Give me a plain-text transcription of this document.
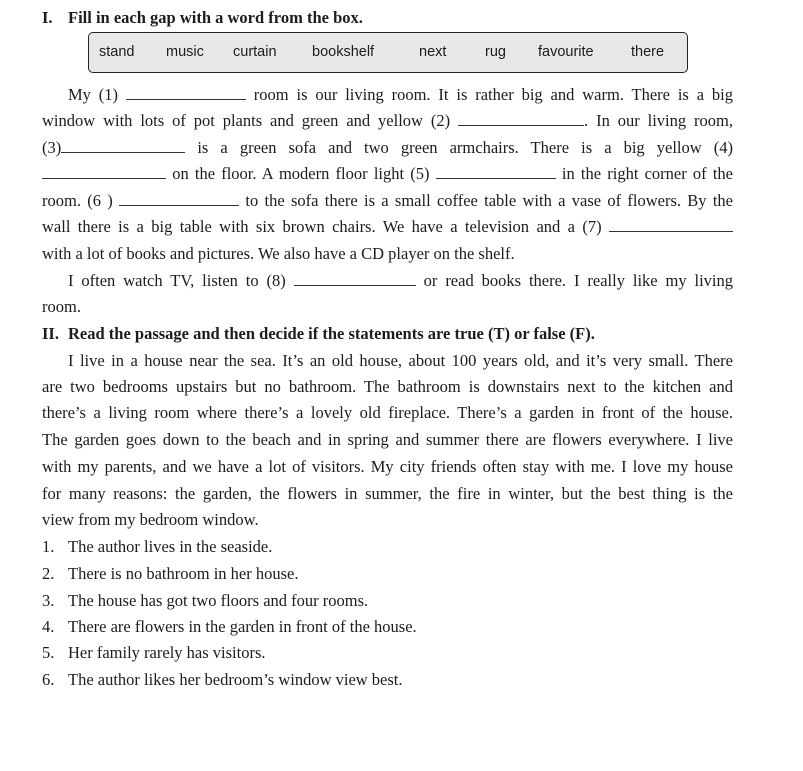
I. Fill in each gap with a word from the box.
stand music curtain bookshelf	next	rug favourite	there
My (1)	room is our living room. It is rather big and warm. There is a big
window with lots of pot plants and green and yellow (2)	. In our living room,
(3)	is a green sofa and two green armchairs. There is a big yellow (4)
on the floor. A modern floor light (5)	in the right corner of the
room. (6 )	to the sofa there is a small coffee table with a vase of flowers. By the
wall there is a big table with six brown chairs. We have a television and a (7)
with a lot of books and pictures. We also have a CD player on the shelf.
I often watch TV, listen to (8)	or read books there. I really like my living
room.
II. Read the passage and then decide if the statements are true (T) or false (F).
I live in a house near the sea. It’s an old house, about 100 years old, and it’s very small. There
are two bedrooms upstairs but no bathroom. The bathroom is downstairs next to the kitchen and
there’s a living room where there’s a lovely old fireplace. There’s a garden in front of the house.
The garden goes down to the beach and in spring and summer there are flowers everywhere. I live
with my parents, and we have a lot of visitors. My city friends often stay with me. I love my house
for many reasons: the garden, the flowers in summer, the fire in winter, but the best thing is the
view from my bedroom window.
1. The author lives in the seaside.
2. There is no bathroom in her house.
3. The house has got two floors and four rooms.
4. There are flowers in the garden in front of the house.
5. Her family rarely has visitors.
6. The author likes her bedroom’s window view best.
